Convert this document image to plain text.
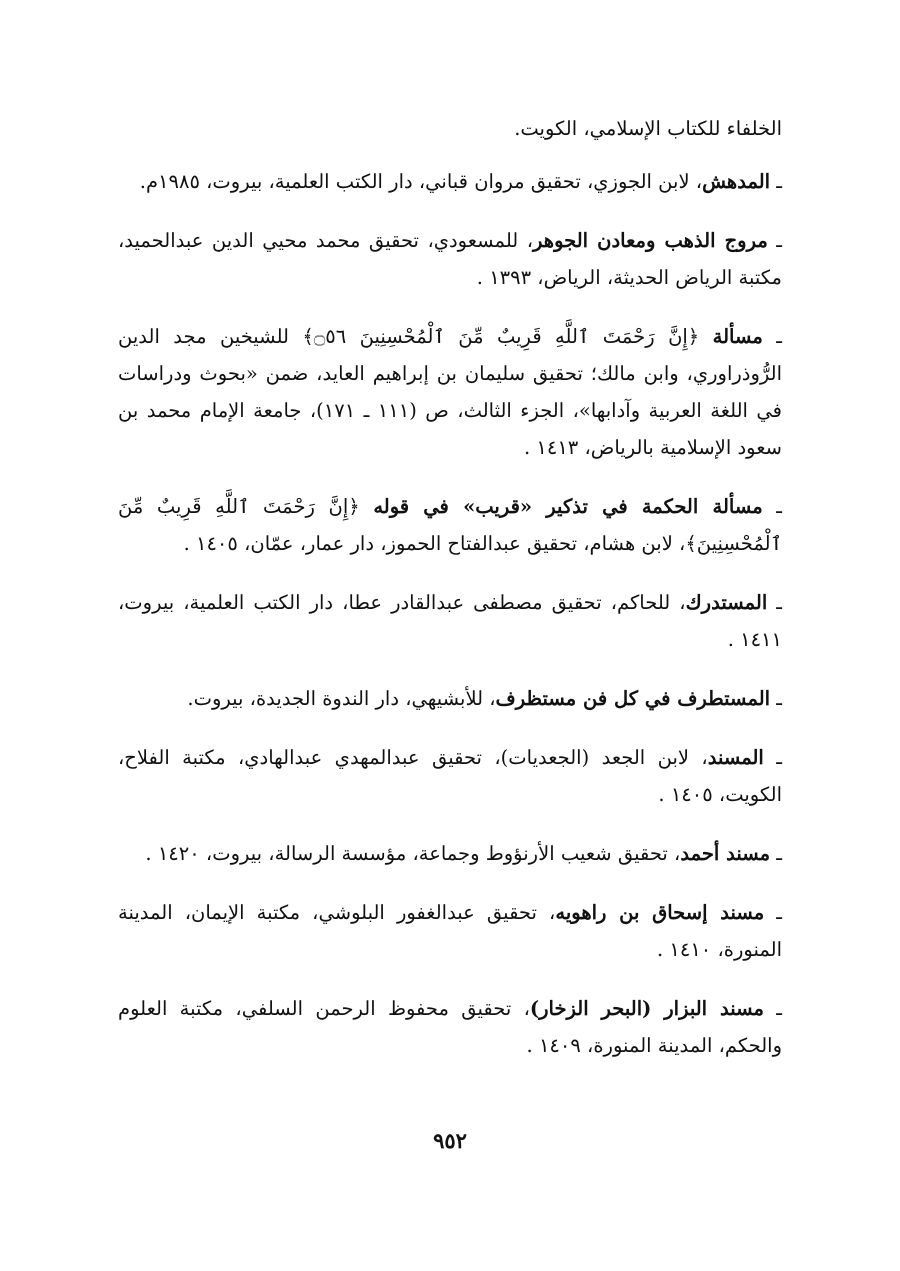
الخلفاء للكتاب الإسلامي، الكويت.

ـ المدهش، لابن الجوزي، تحقيق مروان قباني، دار الكتب العلمية، بيروت، ١٩٨٥م.

ـ مروج الذهب ومعادن الجوهر، للمسعودي، تحقيق محمد محيي الدين عبدالحميد، مكتبة الرياض الحديثة، الرياض، ١٣٩٣ .

ـ مسألة ﴿إِنَّ رَحْمَتَ ٱللَّهِ قَرِيبٌ مِّنَ ٱلْمُحْسِنِينَ ۝٥٦﴾ للشيخين مجد الدين الرُّوذراوري، وابن مالك؛ تحقيق سليمان بن إبراهيم العايد، ضمن «بحوث ودراسات في اللغة العربية وآدابها»، الجزء الثالث، ص (١١١ ـ ١٧١)، جامعة الإمام محمد بن سعود الإسلامية بالرياض، ١٤١٣ .

ـ مسألة الحكمة في تذكير «قريب» في قوله ﴿إِنَّ رَحْمَتَ ٱللَّهِ قَرِيبٌ مِّنَ ٱلْمُحْسِنِينَ﴾، لابن هشام، تحقيق عبدالفتاح الحموز، دار عمار، عمّان، ١٤٠٥ .

ـ المستدرك، للحاكم، تحقيق مصطفى عبدالقادر عطا، دار الكتب العلمية، بيروت، ١٤١١ .

ـ المستطرف في كل فن مستظرف، للأبشيهي، دار الندوة الجديدة، بيروت.

ـ المسند، لابن الجعد (الجعديات)، تحقيق عبدالمهدي عبدالهادي، مكتبة الفلاح، الكويت، ١٤٠٥ .

ـ مسند أحمد، تحقيق شعيب الأرنؤوط وجماعة، مؤسسة الرسالة، بيروت، ١٤٢٠ .

ـ مسند إسحاق بن راهويه، تحقيق عبدالغفور البلوشي، مكتبة الإيمان، المدينة المنورة، ١٤١٠ .

ـ مسند البزار (البحر الزخار)، تحقيق محفوظ الرحمن السلفي، مكتبة العلوم والحكم، المدينة المنورة، ١٤٠٩ .

٩٥٢
